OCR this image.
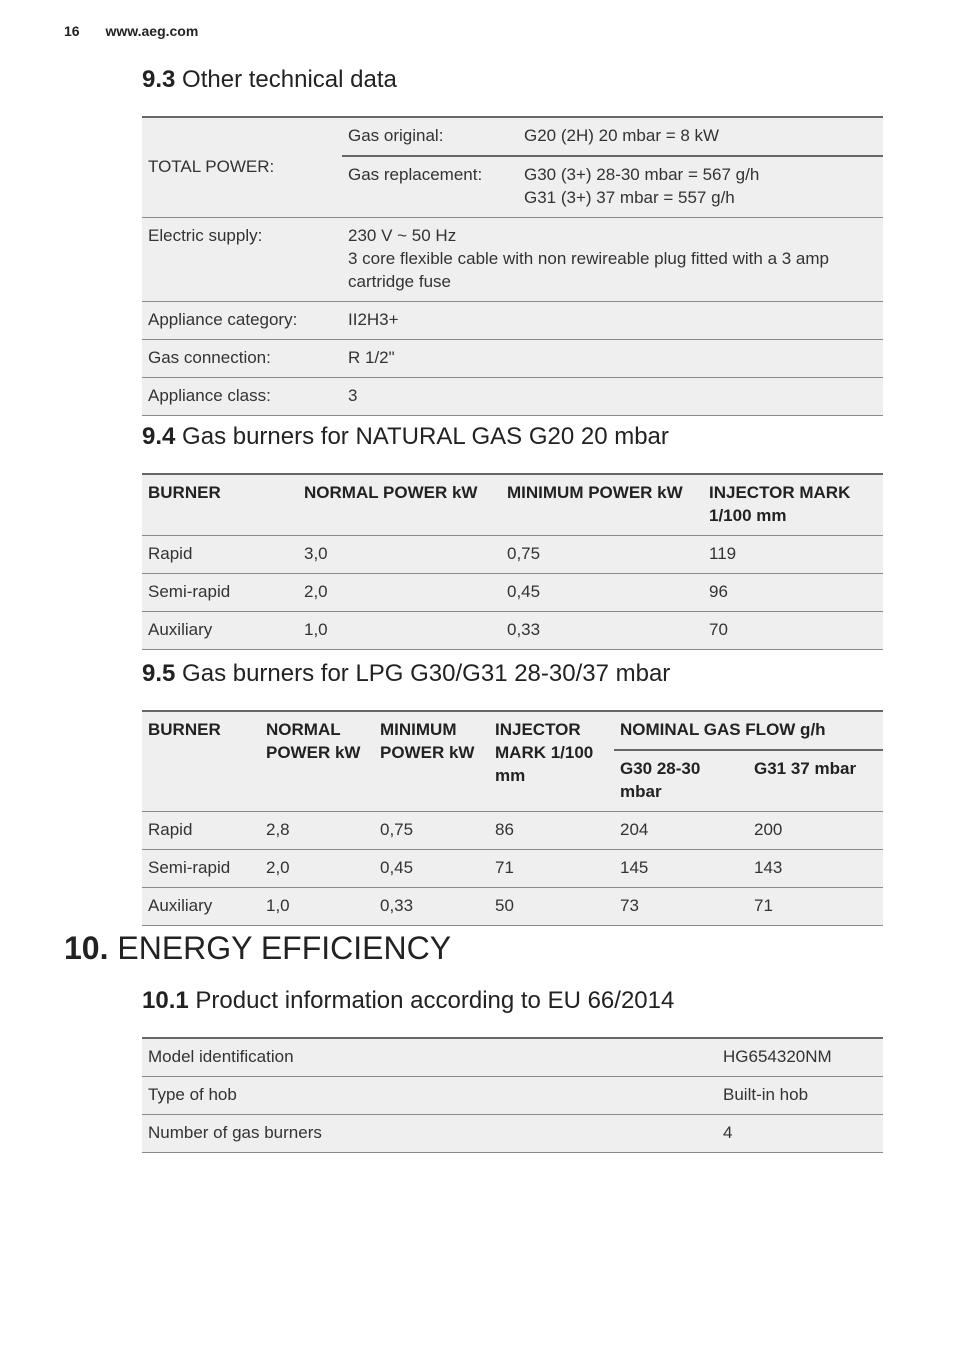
16 www.aeg.com
9.3 Other technical data
TOTAL POWER:	Gas original:	G20 (2H) 20 mbar = 8 kW
	Gas replacement:	G30 (3+) 28-30 mbar = 567 g/h
G31 (3+) 37 mbar = 557 g/h

Electric supply:	230 V ~ 50 Hz
3 core flexible cable with non rewireable plug fitted with a 3 amp cartridge fuse	

Appliance category:	II2H3+	
Gas connection:	R 1/2"	
Appliance class:	3	
9.4 Gas burners for NATURAL GAS G20 20 mbar
BURNER	NORMAL POWER kW	MINIMUM POWER kW	INJECTOR MARK 1/100 mm
Rapid	3,0	0,75	119
Semi-rapid	2,0	0,45	96
Auxiliary	1,0	0,33	70
9.5 Gas burners for LPG G30/G31 28-30/37 mbar
BURNER	NORMAL POWER kW	MINIMUM POWER kW	INJECTOR MARK 1/100 mm	NOMINAL GAS FLOW g/h	
				G30 28-30 mbar	G31 37 mbar
Rapid	2,8	0,75	86	204	200
Semi-rapid	2,0	0,45	71	145	143
Auxiliary	1,0	0,33	50	73	71
10. ENERGY EFFICIENCY
10.1 Product information according to EU 66/2014
Model identification	HG654320NM
Type of hob	Built-in hob
Number of gas burners	4
